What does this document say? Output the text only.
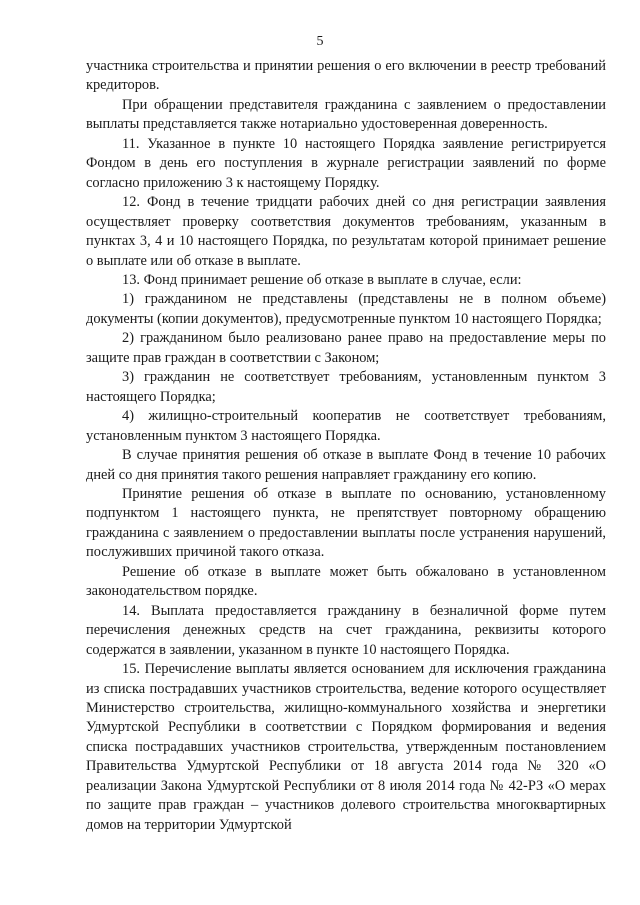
5

участника строительства и принятии решения о его включении в реестр требований кредиторов.

При обращении представителя гражданина с заявлением о предоставлении выплаты представляется также нотариально удостоверенная доверенность.

11. Указанное в пункте 10 настоящего Порядка заявление регистрируется Фондом в день его поступления в журнале регистрации заявлений по форме согласно приложению 3 к настоящему Порядку.

12. Фонд в течение тридцати рабочих дней со дня регистрации заявления осуществляет проверку соответствия документов требованиям, указанным в пунктах 3, 4 и 10 настоящего Порядка, по результатам которой принимает решение о выплате или об отказе в выплате.

13. Фонд принимает решение об отказе в выплате в случае, если:

1) гражданином не представлены (представлены не в полном объеме) документы (копии документов), предусмотренные пунктом 10 настоящего Порядка;

2) гражданином было реализовано ранее право на предоставление меры по защите прав граждан в соответствии с Законом;

3) гражданин не соответствует требованиям, установленным пунктом 3 настоящего Порядка;

4) жилищно-строительный кооператив не соответствует требованиям, установленным пунктом 3 настоящего Порядка.

В случае принятия решения об отказе в выплате Фонд в течение 10 рабочих дней со дня принятия такого решения направляет гражданину его копию.

Принятие решения об отказе в выплате по основанию, установленному подпунктом 1 настоящего пункта, не препятствует повторному обращению гражданина с заявлением о предоставлении выплаты после устранения нарушений, послуживших причиной такого отказа.

Решение об отказе в выплате может быть обжаловано в установленном законодательством порядке.

14. Выплата предоставляется гражданину в безналичной форме путем перечисления денежных средств на счет гражданина, реквизиты которого содержатся в заявлении, указанном в пункте 10 настоящего Порядка.

15. Перечисление выплаты является основанием для исключения гражданина из списка пострадавших участников строительства, ведение которого осуществляет Министерство строительства, жилищно-коммунального хозяйства и энергетики Удмуртской Республики в соответствии с Порядком формирования и ведения списка пострадавших участников строительства, утвержденным постановлением Правительства Удмуртской Республики от 18 августа 2014 года № 320 «О реализации Закона Удмуртской Республики от 8 июля 2014 года № 42-РЗ «О мерах по защите прав граждан – участников долевого строительства многоквартирных домов на территории Удмуртской
